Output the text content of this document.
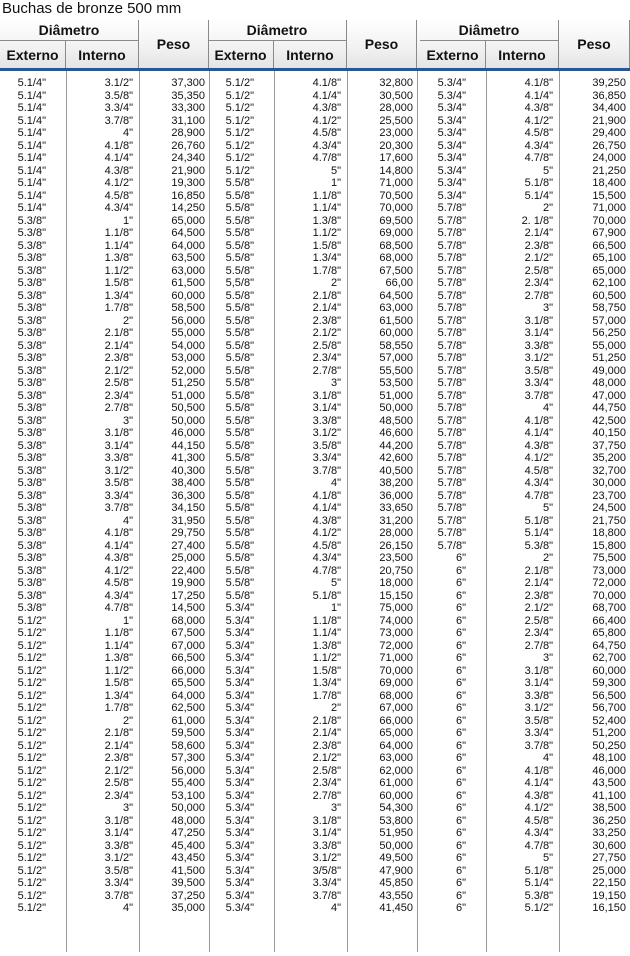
Buchas de bronze 500 mm
Diâmetro
Externo	Interno
Peso
Diâmetro
Externo	Interno
Peso
Diâmetro
Externo	Interno
Peso
5.1/4"	3.1/2"	37,300 5.1/2"	4.1/8"	32,800 5.3/4"	4.1/8"	39,250
5.1/4"	3.5/8"	35,350 5.1/2"	4.1/4"	30,500 5.3/4"	4.1/4"	36,850
5.1/4"	3.3/4"	33,300 5.1/2"	4.3/8"	28,000 5.3/4"	4.3/8"	34,400
5.1/4"	3.7/8"	31,100 5.1/2"	4.1/2"	25,500 5.3/4"	4.1/2"	21,900
5.1/4"	4"	28,900 5.1/2"	4.5/8"	23,000 5.3/4"	4.5/8"	29,400
5.1/4"	4.1/8"	26,760 5.1/2"	4.3/4"	20,300 5.3/4"	4.3/4"	26,750
5.1/4"	4.1/4"	24,340 5.1/2"	4.7/8"	17,600 5.3/4"	4.7/8"	24,000
5.1/4"	4.3/8"	21,900 5.1/2"	5"	14,800 5.3/4"	5"	21,250
5.1/4"	4.1/2"	19,300 5.5/8"	1"	71,000 5.3/4"	5.1/8"	18,400
5.1/4"	4.5/8"	16,850 5.5/8"	1.1/8"	70,500 5.3/4"	5.1/4"	15,500
5.1/4"	4.3/4"	14,250 5.5/8"	1.1/4"	70,000 5.7/8"	2"	71,000
5.3/8"	1"	65,000 5.5/8"	1.3/8"	69,500 5.7/8"	2. 1/8"	70,000
5.3/8"	1.1/8"	64,500 5.5/8"	1.1/2"	69,000 5.7/8"	2.1/4"	67,900
5.3/8"	1.1/4"	64,000 5.5/8"	1.5/8"	68,500 5.7/8"	2.3/8"	66,500
5.3/8"	1.3/8"	63,500 5.5/8"	1.3/4"	68,000 5.7/8"	2.1/2"	65,100
5.3/8"	1.1/2"	63,000 5.5/8"	1.7/8"	67,500 5.7/8"	2.5/8"	65,000
5.3/8"	1.5/8"	61,500 5,5/8"	2"	66,00 5.7/8"	2.3/4"	62,100
5.3/8"	1.3/4"	60,000 5.5/8"	2.1/8"	64,500 5.7/8"	2.7/8"	60,500
5.3/8"	1.7/8"	58,500 5.5/8"	2.1/4"	63,000 5.7/8"	3"	58,750
5.3/8"	2"	56,000 5.5/8"	2.3/8"	61,500 5.7/8"	3.1/8"	57,000
5.3/8"	2.1/8"	55,000 5.5/8"	2.1/2"	60,000 5.7/8"	3.1/4"	56,250
5.3/8"	2.1/4"	54,000 5.5/8"	2.5/8"	58,550 5.7/8"	3.3/8"	55,000
5.3/8"	2.3/8"	53,000 5.5/8"	2.3/4"	57,000 5.7/8"	3.1/2"	51,250
5.3/8"	2.1/2"	52,000 5.5/8"	2.7/8"	55,500 5.7/8"	3.5/8"	49,000
5.3/8"	2.5/8"	51,250 5.5/8"	3"	53,500 5.7/8"	3.3/4"	48,000
5.3/8"	2.3/4"	51,000 5.5/8"	3.1/8"	51,000 5.7/8"	3.7/8"	47,000
5.3/8"	2.7/8"	50,500 5.5/8"	3.1/4"	50,000 5.7/8"	4"	44,750
5.3/8"	3"	50,000 5.5/8"	3.3/8"	48,500 5.7/8"	4.1/8"	42,500
5.3/8"	3.1/8"	46,000 5.5/8"	3.1/2"	46,600 5.7/8"	4.1/4"	40,150
5.3/8"	3.1/4"	44,150 5.5/8"	3.5/8"	44,200 5.7/8"	4.3/8"	37,750
5.3/8"	3.3/8"	41,300 5.5/8"	3.3/4"	42,600 5.7/8"	4.1/2"	35,200
5.3/8"	3.1/2"	40,300 5.5/8"	3.7/8"	40,500 5.7/8"	4.5/8"	32,700
5.3/8"	3.5/8"	38,400 5.5/8"	4"	38,200 5.7/8"	4.3/4"	30,000
5.3/8"	3.3/4"	36,300 5.5/8"	4.1/8"	36,000 5.7/8"	4.7/8"	23,700
5.3/8"	3.7/8"	34,150 5.5/8"	4.1/4"	33,650 5.7/8"	5"	24,500
5.3/8"	4"	31,950 5.5/8"	4.3/8"	31,200 5.7/8"	5.1/8"	21,750
5.3/8"	4.1/8"	29,750 5.5/8"	4.1/2"	28,000 5.7/8"	5.1/4"	18,800
5.3/8"	4.1/4"	27,400 5.5/8"	4.5/8"	26,150 5.7/8"	5.3/8"	15,800
5.3/8"	4.3/8"	25,000 5.5/8"	4.3/4"	23,500	6"	2"	75,500
5.3/8"	4.1/2"	22,400 5.5/8"	4.7/8"	20,750	6"	2.1/8"	73,000
5.3/8"	4.5/8"	19,900 5.5/8"	5"	18,000	6"	2.1/4"	72,000
5.3/8"	4.3/4"	17,250 5.5/8"	5.1/8"	15,150	6"	2.3/8"	70,000
5.3/8"	4.7/8"	14,500 5.3/4"	1"	75,000	6"	2.1/2"	68,700
5.1/2"	1"	68,000 5.3/4"	1.1/8"	74,000	6"	2.5/8"	66,400
5.1/2"	1.1/8"	67,500 5.3/4"	1.1/4"	73,000	6"	2.3/4"	65,800
5.1/2"	1.1/4"	67,000 5.3/4"	1.3/8"	72,000	6"	2.7/8"	64,750
5.1/2"	1.3/8"	66,500 5.3/4"	1.1/2"	71,000	6"	3"	62,700
5.1/2"	1.1/2"	66,000 5.3/4"	1.5/8"	70,000	6"	3.1/8"	60,000
5.1/2"	1.5/8"	65,500 5.3/4"	1.3/4"	69,000	6"	3.1/4"	59,300
5.1/2"	1.3/4"	64,000 5.3/4"	1.7/8"	68,000	6"	3.3/8"	56,500
5.1/2"	1.7/8"	62,500 5.3/4"	2"	67,000	6"	3.1/2"	56,700
5.1/2"	2"	61,000 5.3/4"	2.1/8"	66,000	6"	3.5/8"	52,400
5.1/2"	2.1/8"	59,500 5.3/4"	2.1/4"	65,000	6"	3.3/4"	51,200
5.1/2"	2.1/4"	58,600 5.3/4"	2.3/8"	64,000	6"	3.7/8"	50,250
5.1/2"	2.3/8"	57,300 5.3/4"	2.1/2"	63,000	6"	4"	48,100
5.1/2"	2.1/2"	56,000 5.3/4"	2.5/8"	62,000	6"	4.1/8"	46,000
5.1/2"	2.5/8"	55,400 5.3/4"	2.3/4"	61,000	6"	4.1/4"	43,500
5.1/2"	2.3/4"	53,100 5.3/4"	2.7/8"	60,000	6"	4.3/8"	41,100
5.1/2"	3"	50,000 5.3/4"	3"	54,300	6"	4.1/2"	38,500
5.1/2"	3.1/8"	48,000 5.3/4"	3.1/8"	53,800	6"	4.5/8"	36,250
5.1/2"	3.1/4"	47,250 5.3/4"	3.1/4"	51,950	6"	4.3/4"	33,250
5.1/2"	3.3/8"	45,400 5.3/4"	3.3/8"	50,000	6"	4.7/8"	30,600
5.1/2"	3.1/2"	43,450 5.3/4"	3.1/2"	49,500	6"	5"	27,750
5.1/2"	3.5/8"	41,500 5.3/4"	3/5/8"	47,900	6"	5.1/8"	25,000
5.1/2"	3.3/4"	39,500 5.3/4"	3.3/4"	45,850	6"	5.1/4"	22,150
5.1/2"	3.7/8"	37,250 5.3/4"	3.7/8"	43,550	6"	5.3/8"	19,150
5.1/2"	4"	35,000 5.3/4"	4"	41,450	6"	5.1/2"	16,150
